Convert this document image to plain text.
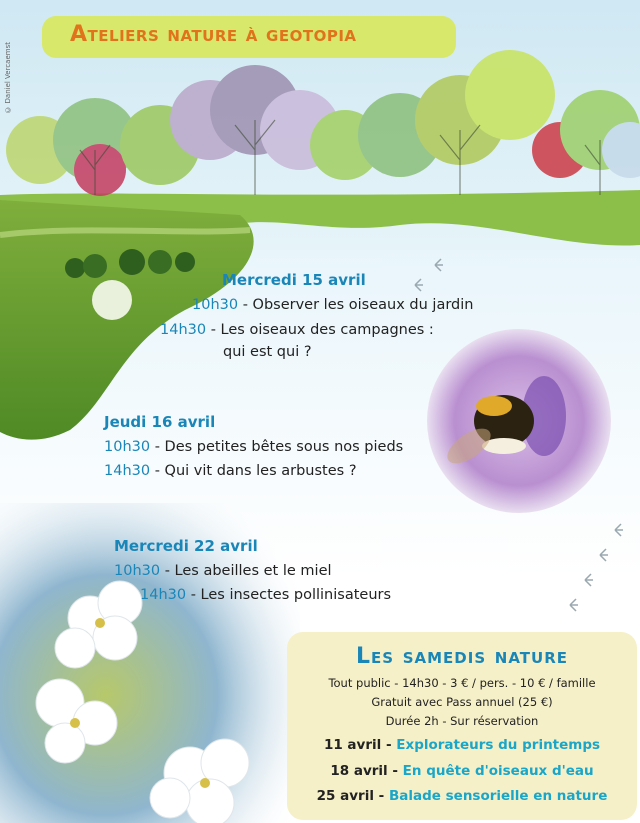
Ateliers nature à geotopia
© Daniel Vercaemst
Mercredi 15 avril
10h30 - Observer les oiseaux du jardin
14h30 - Les oiseaux des campagnes :
qui est qui ?
Jeudi 16 avril
10h30 - Des petites bêtes sous nos pieds
14h30 - Qui vit dans les arbustes ?
Mercredi 22 avril
10h30 - Les abeilles et le miel
14h30 - Les insectes pollinisateurs
Les samedis nature
Tout public - 14h30 - 3 € / pers. - 10 € / famille
Gratuit avec Pass annuel (25 €)
Durée 2h - Sur réservation
11 avril - Explorateurs du printemps
18 avril - En quête d'oiseaux d'eau
25 avril - Balade sensorielle en nature
